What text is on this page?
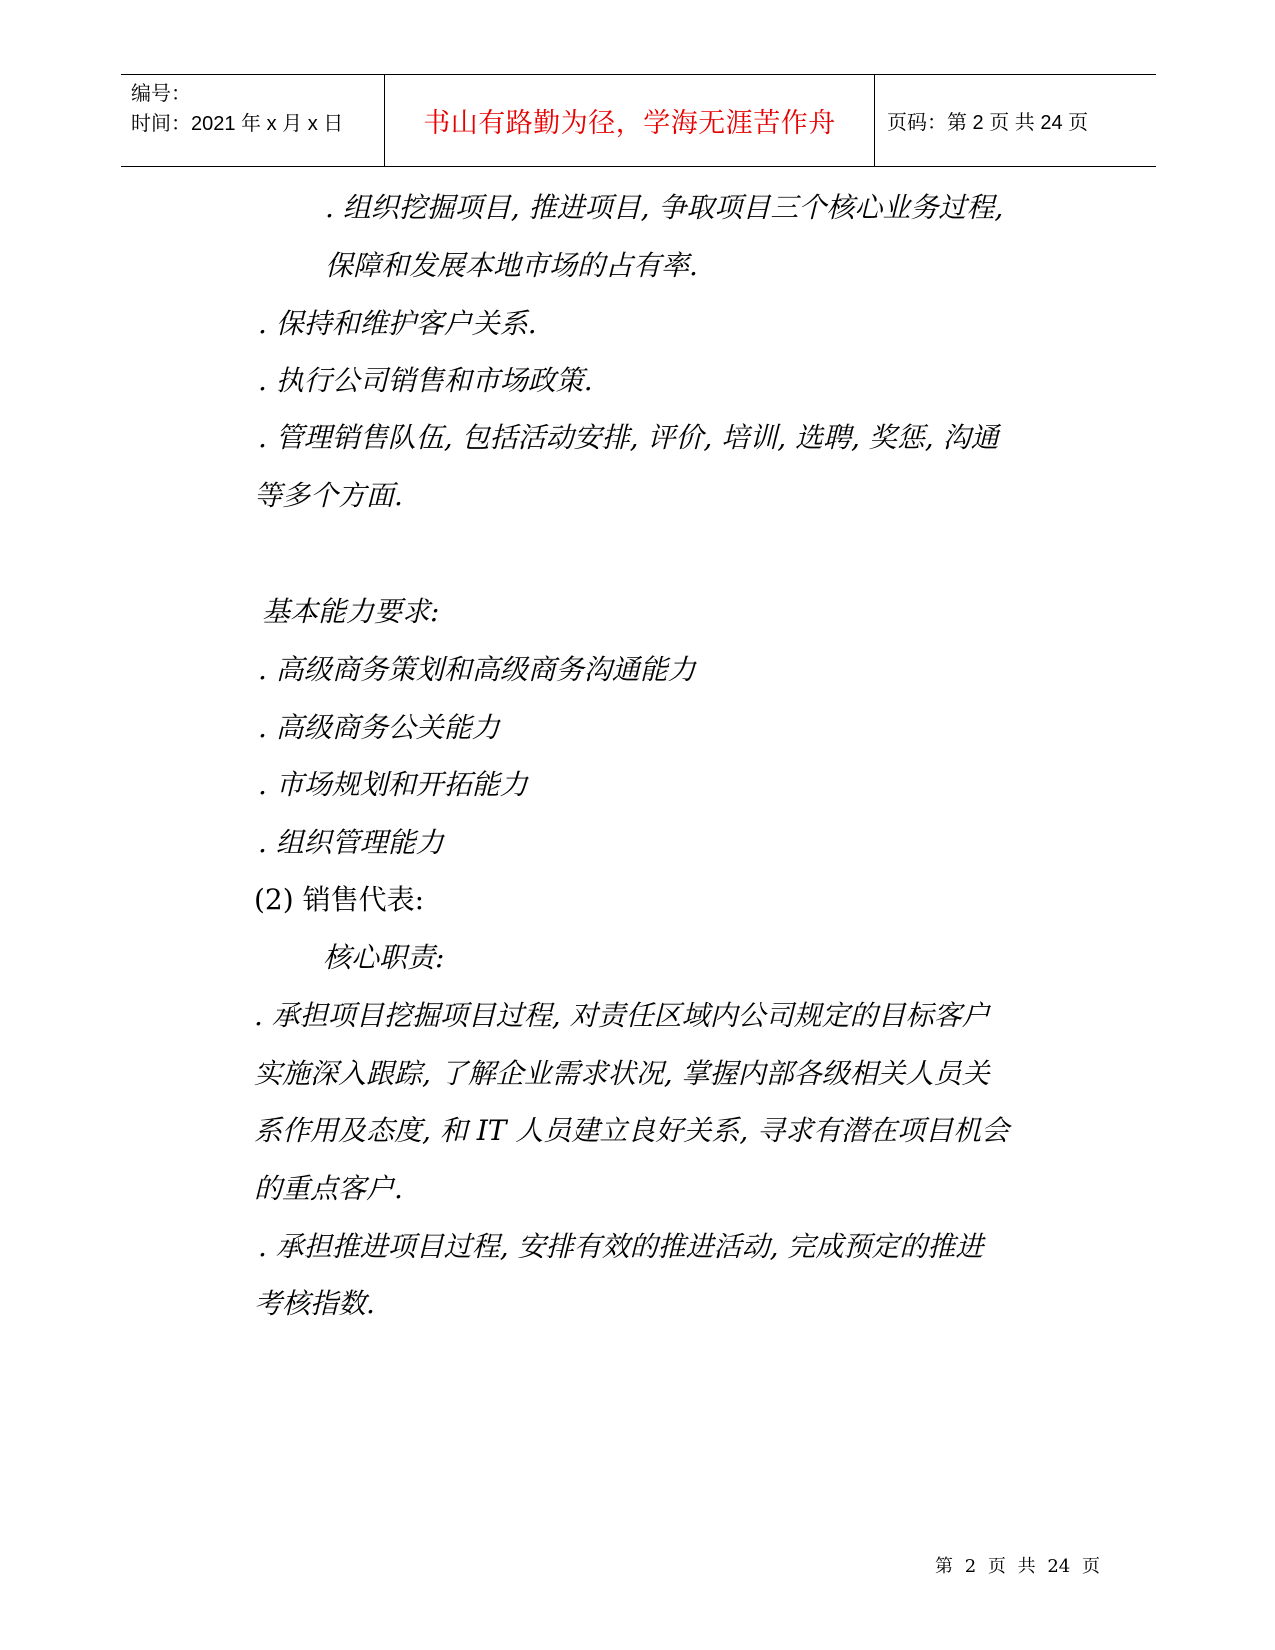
编号：
时间：2021 年 x 月 x 日	书山有路勤为径，学海无涯苦作舟	页码：第 2 页 共 24 页
. 组织挖掘项目, 推进项目, 争取项目三个核心业务过程,
保障和发展本地市场的占有率.
. 保持和维护客户关系.
. 执行公司销售和市场政策.
. 管理销售队伍, 包括活动安排, 评价, 培训, 选聘, 奖惩, 沟通
等多个方面.
基本能力要求:
. 高级商务策划和高级商务沟通能力
. 高级商务公关能力
. 市场规划和开拓能力
. 组织管理能力
(2) 销售代表:
核心职责:
. 承担项目挖掘项目过程, 对责任区域内公司规定的目标客户
实施深入跟踪, 了解企业需求状况, 掌握内部各级相关人员关
系作用及态度, 和 IT 人员建立良好关系, 寻求有潜在项目机会
的重点客户.
. 承担推进项目过程, 安排有效的推进活动, 完成预定的推进
考核指数.
第 2 页 共 24 页
